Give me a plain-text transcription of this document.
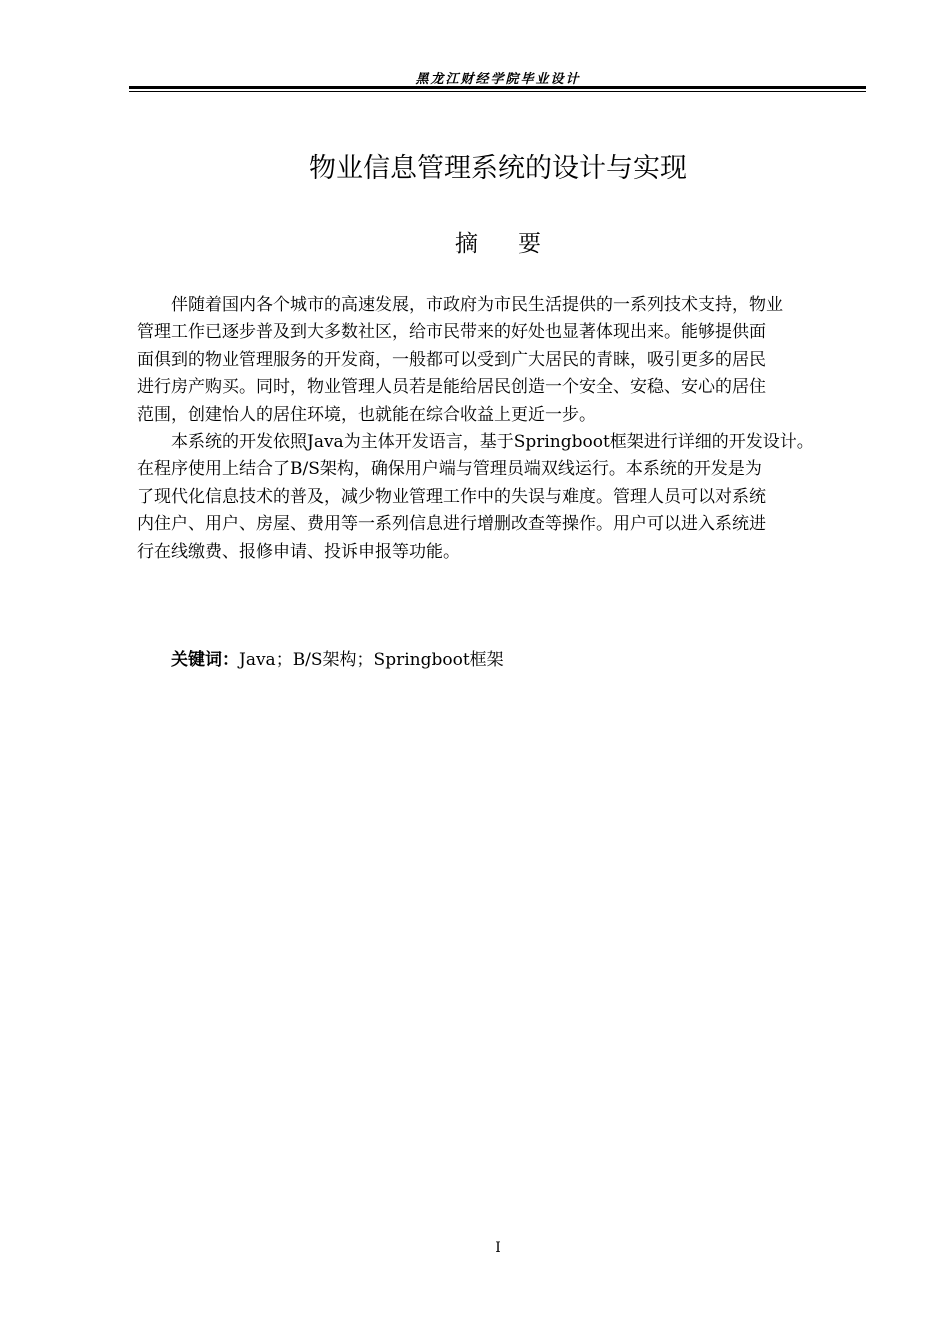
黑龙江财经学院毕业设计
物业信息管理系统的设计与实现
摘要
伴随着国内各个城市的高速发展，市政府为市民生活提供的一系列技术支持，物业
管理工作已逐步普及到大多数社区，给市民带来的好处也显著体现出来。能够提供面
面俱到的物业管理服务的开发商，一般都可以受到广大居民的青睐，吸引更多的居民
进行房产购买。同时，物业管理人员若是能给居民创造一个安全、安稳、安心的居住
范围，创建怡人的居住环境，也就能在综合收益上更近一步。
本系统的开发依照Java为主体开发语言，基于Springboot框架进行详细的开发设计。
在程序使用上结合了B/S架构，确保用户端与管理员端双线运行。本系统的开发是为
了现代化信息技术的普及，减少物业管理工作中的失误与难度。管理人员可以对系统
内住户、用户、房屋、费用等一系列信息进行增删改查等操作。用户可以进入系统进
行在线缴费、报修申请、投诉申报等功能。
关键词：Java；B/S架构；Springboot框架
I
